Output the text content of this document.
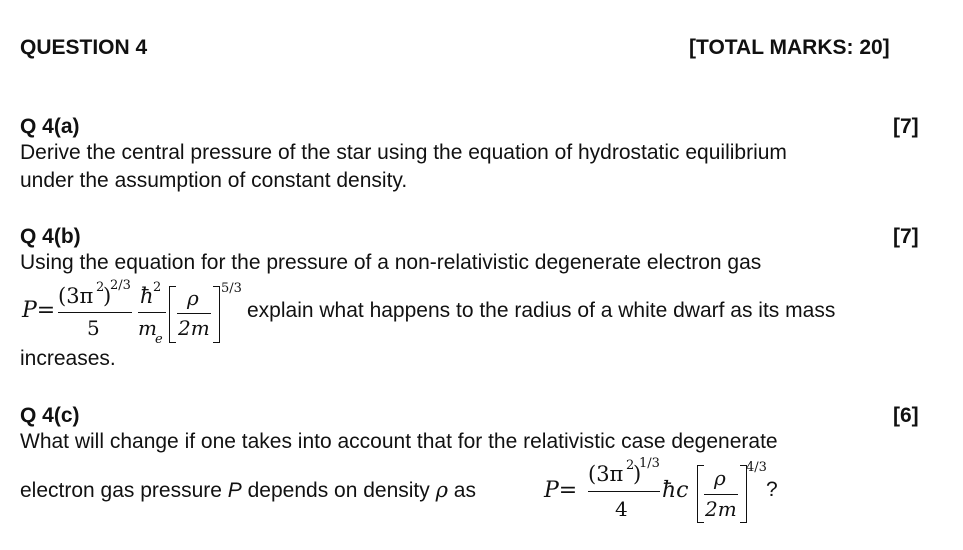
QUESTION 4	[TOTAL MARKS: 20]
Q 4(a)	[7]
Derive the central pressure of the star using the equation of hydrostatic equilibrium
under the assumption of constant density.
Q 4(b)	[7]
Using the equation for the pressure of a non-relativistic degenerate electron gas
P=
(3π 2
)
2/3
5
ħ 2
m
e
ρ
2m
5/3
explain what happens to the radius of a white dwarf as its mass
increases.
Q 4(c)	[6]
What will change if one takes into account that for the relativistic case degenerate
electron gas pressure P depends on density ρ as	P=
(3π 2
)
1/3
4
ħc ρ
2m
4/3
?
